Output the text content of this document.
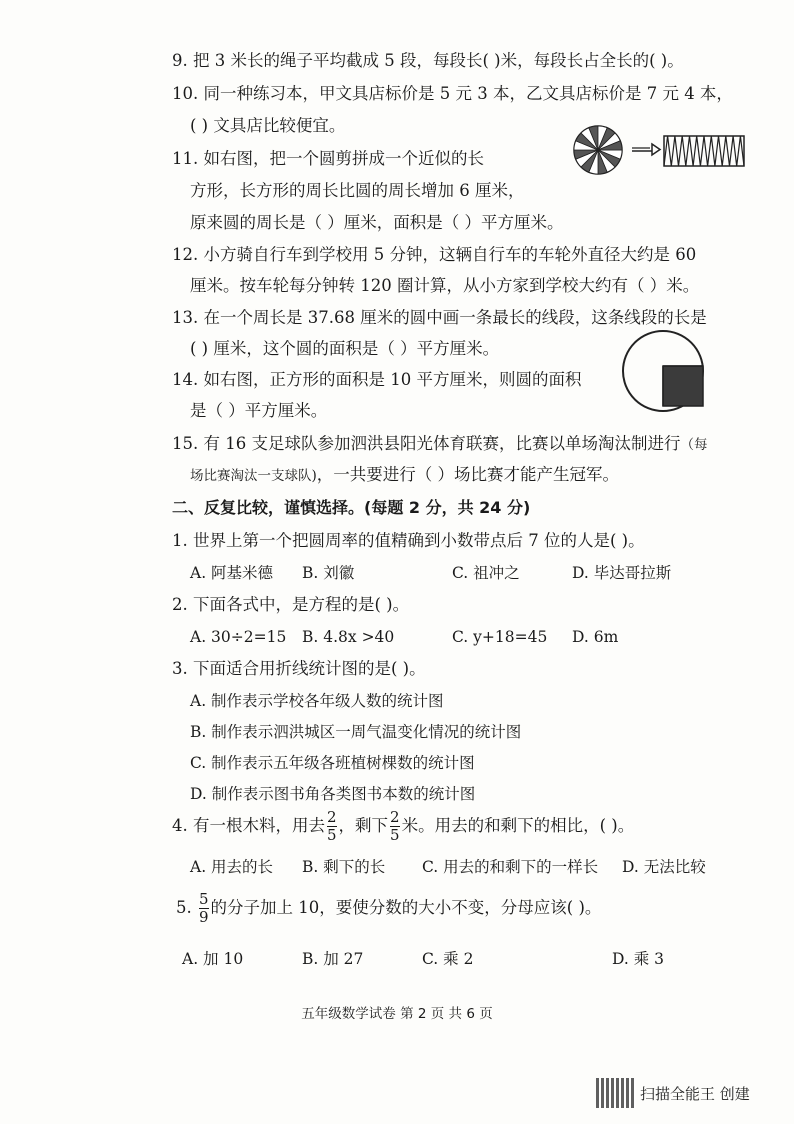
9. 把 3 米长的绳子平均截成 5 段，每段长( )米，每段长占全长的( )。
10. 同一种练习本，甲文具店标价是 5 元 3 本，乙文具店标价是 7 元 4 本，
( ) 文具店比较便宜。
11. 如右图，把一个圆剪拼成一个近似的长
方形，长方形的周长比圆的周长增加 6 厘米，
原来圆的周长是（ ）厘米，面积是（ ）平方厘米。
12. 小方骑自行车到学校用 5 分钟，这辆自行车的车轮外直径大约是 60
厘米。按车轮每分钟转 120 圈计算，从小方家到学校大约有（ ）米。
13. 在一个周长是 37.68 厘米的圆中画一条最长的线段，这条线段的长是
( ) 厘米，这个圆的面积是（ ）平方厘米。
14. 如右图，正方形的面积是 10 平方厘米，则圆的面积
是（ ）平方厘米。
15. 有 16 支足球队参加泗洪县阳光体育联赛，比赛以单场淘汰制进行（每
场比赛淘汰一支球队)，一共要进行（ ）场比赛才能产生冠军。
二、反复比较，谨慎选择。(每题 2 分，共 24 分)
1. 世界上第一个把圆周率的值精确到小数带点后 7 位的人是( )。
A. 阿基米德 B. 刘徽	C. 祖冲之	D. 毕达哥拉斯
2. 下面各式中，是方程的是( )。
A. 30÷2=15 B. 4.8x >40	C. y+18=45 D. 6m
3. 下面适合用折线统计图的是( )。
A. 制作表示学校各年级人数的统计图
B. 制作表示泗洪城区一周气温变化情况的统计图
C. 制作表示五年级各班植树棵数的统计图
D. 制作表示图书角各类图书本数的统计图
4. 有一根木料，用去 $\frac{2}{5}$ ，剩下 $\frac{2}{5}$ 米。用去的和剩下的相比，( )。
A. 用去的长 B. 剩下的长 C. 用去的和剩下的一样长 D. 无法比较
5. $\frac{5}{9}$ 的分子加上 10，要使分数的大小不变，分母应该( )。
A. 加 10	B. 加 27	C. 乘 2	D. 乘 3
五年级数学试卷 第 2 页 共 6 页
扫描全能王 创建
